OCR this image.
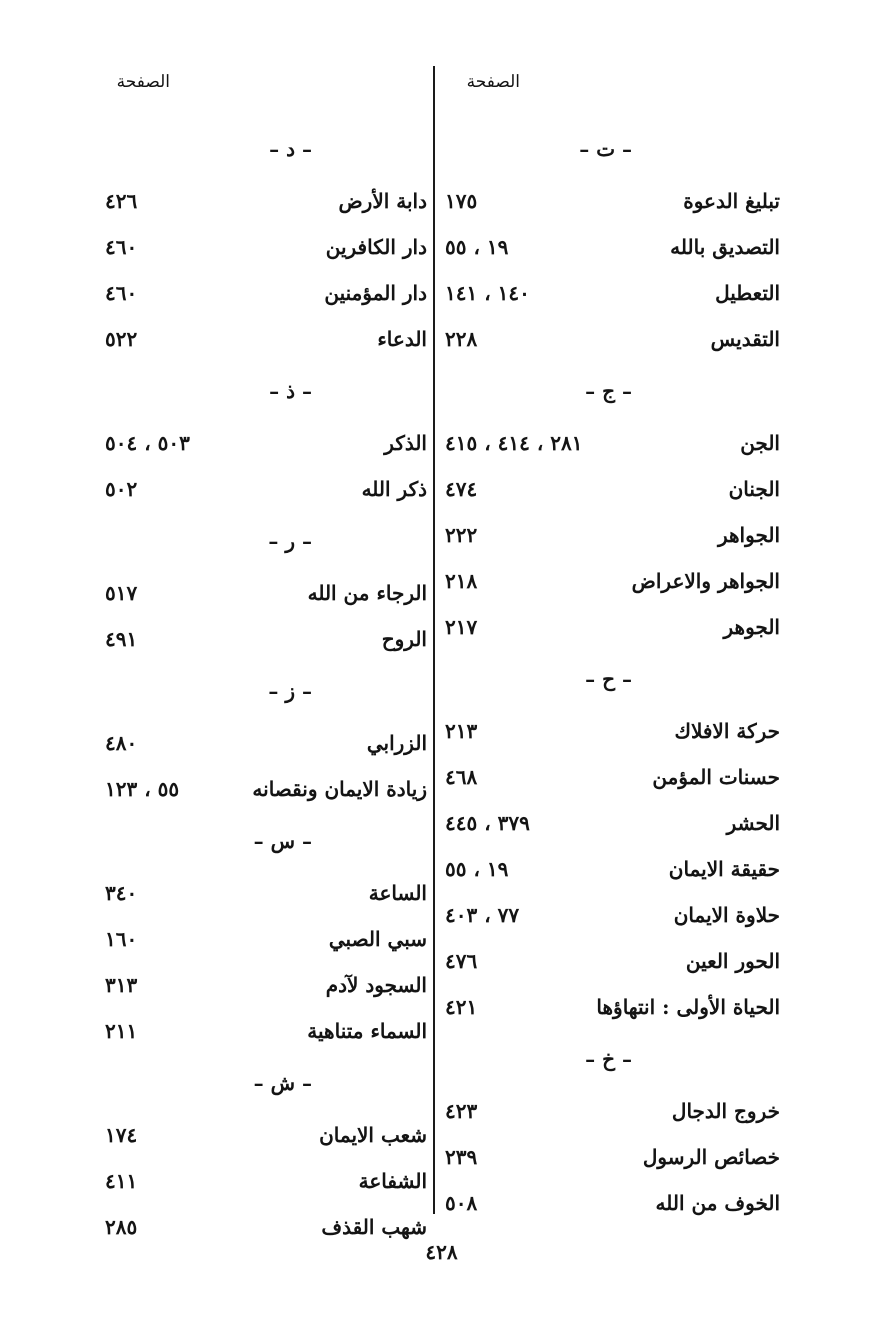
الصفحة
– ت –
تبليغ الدعوة
١٧٥
التصديق بالله
١٩ ، ٥٥
التعطيل
١٤٠ ، ١٤١
التقديس
٢٢٨
– ج –
الجن
٢٨١ ، ٤١٤ ، ٤١٥
الجنان
٤٧٤
الجواهر
٢٢٢
الجواهر والاعراض
٢١٨
الجوهر
٢١٧
– ح –
حركة الافلاك
٢١٣
حسنات المؤمن
٤٦٨
الحشر
٣٧٩ ، ٤٤٥
حقيقة الايمان
١٩ ، ٥٥
حلاوة الايمان
٧٧ ، ٤٠٣
الحور العين
٤٧٦
الحياة الأولى : انتهاؤها
٤٢١
– خ –
خروج الدجال
٤٢٣
خصائص الرسول
٢٣٩
الخوف من الله
٥٠٨
الصفحة
– د –
دابة الأرض
٤٢٦
دار الكافرين
٤٦٠
دار المؤمنين
٤٦٠
الدعاء
٥٢٢
– ذ –
الذكر
٥٠٣ ، ٥٠٤
ذكر الله
٥٠٢
– ر –
الرجاء من الله
٥١٧
الروح
٤٩١
– ز –
الزرابي
٤٨٠
زيادة الايمان ونقصانه
٥٥ ، ١٢٣
– س –
الساعة
٣٤٠
سبي الصبي
١٦٠
السجود لآدم
٣١٣
السماء متناهية
٢١١
– ش –
شعب الايمان
١٧٤
الشفاعة
٤١١
شهب القذف
٢٨٥
٤٢٨
